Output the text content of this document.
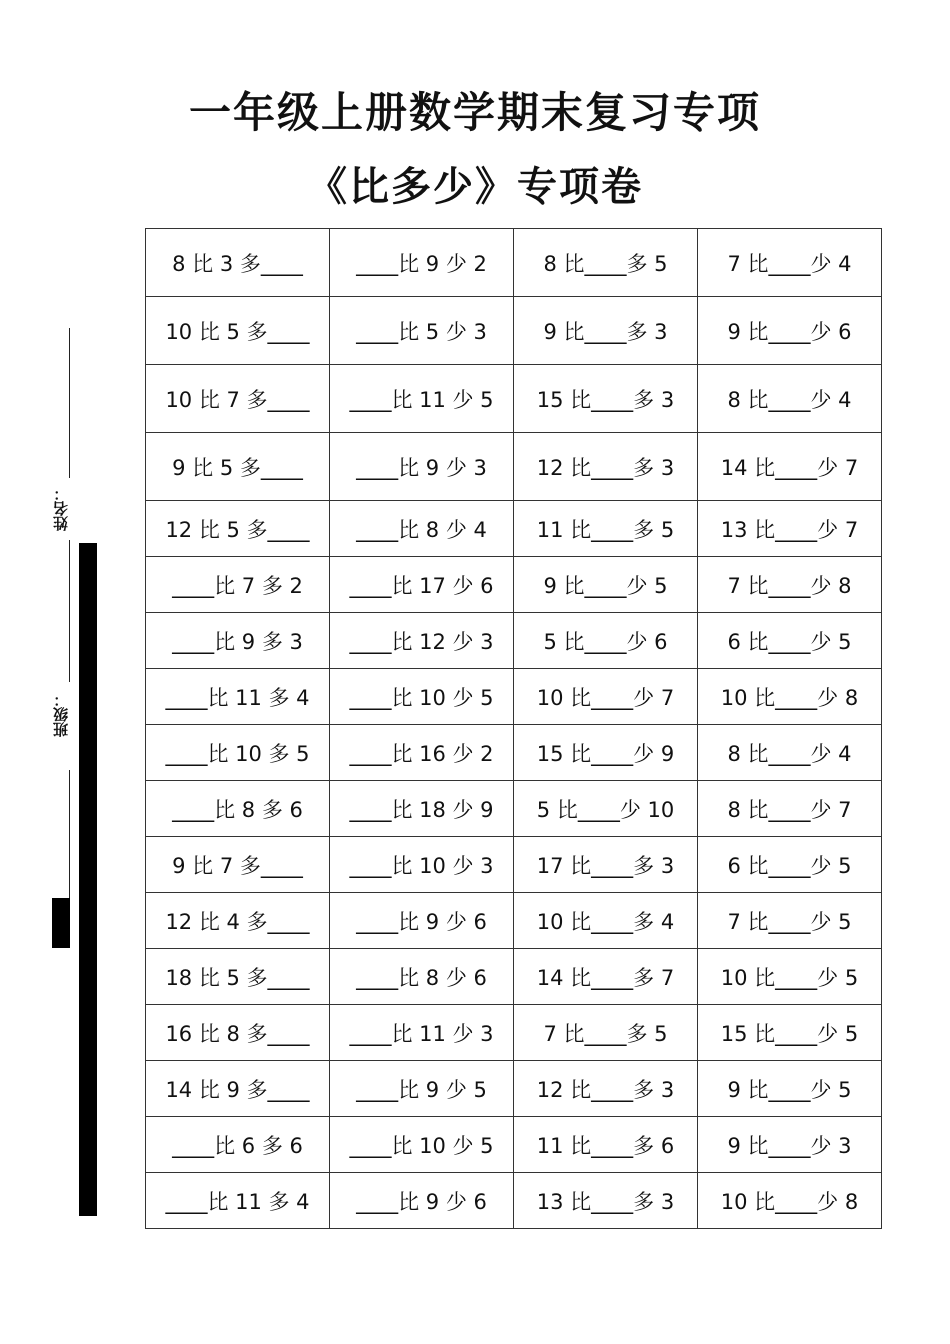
一年级上册数学期末复习专项
《比多少》专项卷
姓名：
班级：
8 比 3 多____	____比 9 少 2	8 比____多 5	7 比____少 4
10 比 5 多____	____比 5 少 3	9 比____多 3	9 比____少 6
10 比 7 多____	____比 11 少 5	15 比____多 3	8 比____少 4
9 比 5 多____	____比 9 少 3	12 比____多 3	14 比____少 7
12 比 5 多____	____比 8 少 4	11 比____多 5	13 比____少 7
____比 7 多 2	____比 17 少 6	9 比____少 5	7 比____少 8
____比 9 多 3	____比 12 少 3	5 比____少 6	6 比____少 5
____比 11 多 4	____比 10 少 5	10 比____少 7	10 比____少 8
____比 10 多 5	____比 16 少 2	15 比____少 9	8 比____少 4
____比 8 多 6	____比 18 少 9	5 比____少 10	8 比____少 7
9 比 7 多____	____比 10 少 3	17 比____多 3	6 比____少 5
12 比 4 多____	____比 9 少 6	10 比____多 4	7 比____少 5
18 比 5 多____	____比 8 少 6	14 比____多 7	10 比____少 5
16 比 8 多____	____比 11 少 3	7 比____多 5	15 比____少 5
14 比 9 多____	____比 9 少 5	12 比____多 3	9 比____少 5
____比 6 多 6	____比 10 少 5	11 比____多 6	9 比____少 3
____比 11 多 4	____比 9 少 6	13 比____多 3	10 比____少 8
